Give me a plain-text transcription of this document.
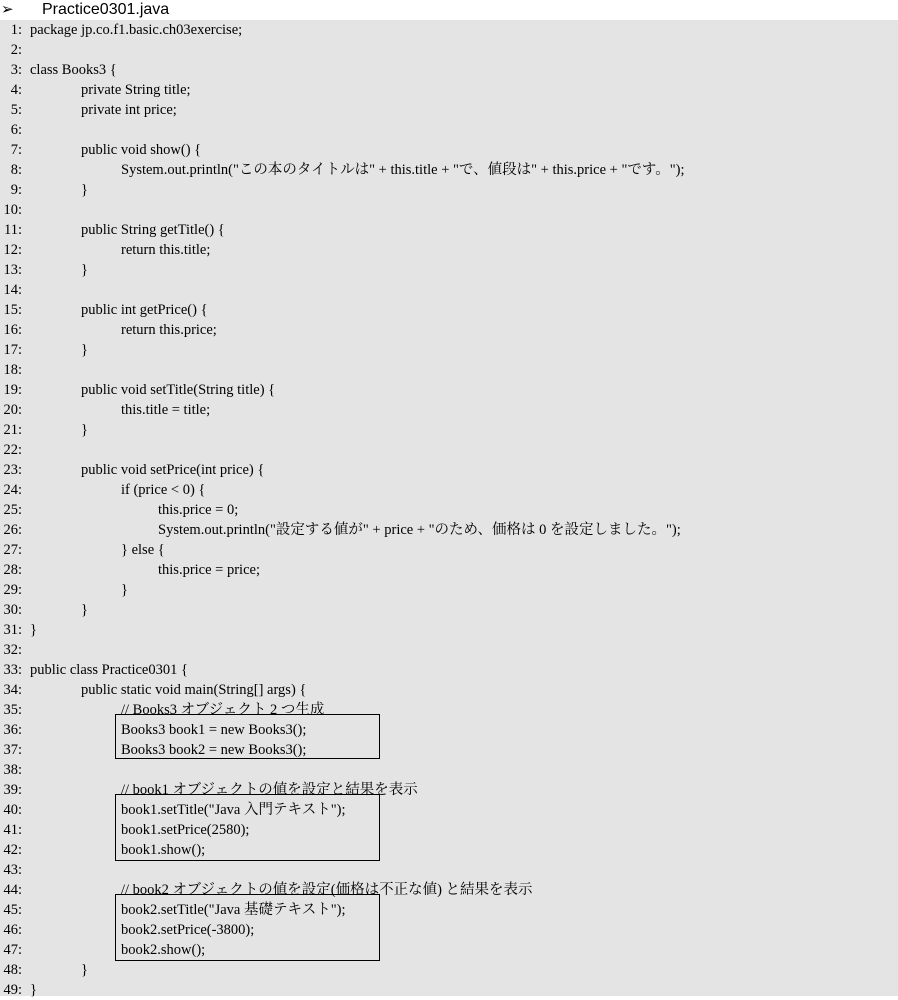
➢ Practice0301.java
1: package jp.co.f1.basic.ch03exercise;
2:
3: class Books3 {
4:	private String title;
5:	private int price;
6:
7:	public void show() {
8:	System.out.println("この本のタイトルは" + this.title + "で、値段は" + this.price + "です。");
9:	}
10:
11:	public String getTitle() {
12:	return this.title;
13:	}
14:
15:	public int getPrice() {
16:	return this.price;
17:	}
18:
19:	public void setTitle(String title) {
20:	this.title = title;
21:	}
22:
23:	public void setPrice(int price) {
24:	if (price < 0) {
25:	this.price = 0;
26:	System.out.println("設定する値が" + price + "のため、価格は 0 を設定しました。");
27:	} else {
28:	this.price = price;
29:	}
30:	}
31: }
32:
33: public class Practice0301 {
34:	public static void main(String[] args) {
35:	// Books3 オブジェクト 2 つ生成
36:	Books3 book1 = new Books3();
37:	Books3 book2 = new Books3();
38:
39:	// book1 オブジェクトの値を設定と結果を表示
40:	book1.setTitle("Java 入門テキスト");
41:	book1.setPrice(2580);
42:	book1.show();
43:
44:	// book2 オブジェクトの値を設定(価格は不正な値) と結果を表示
45:	book2.setTitle("Java 基礎テキスト");
46:	book2.setPrice(-3800);
47:	book2.show();
48:	}
49: }
